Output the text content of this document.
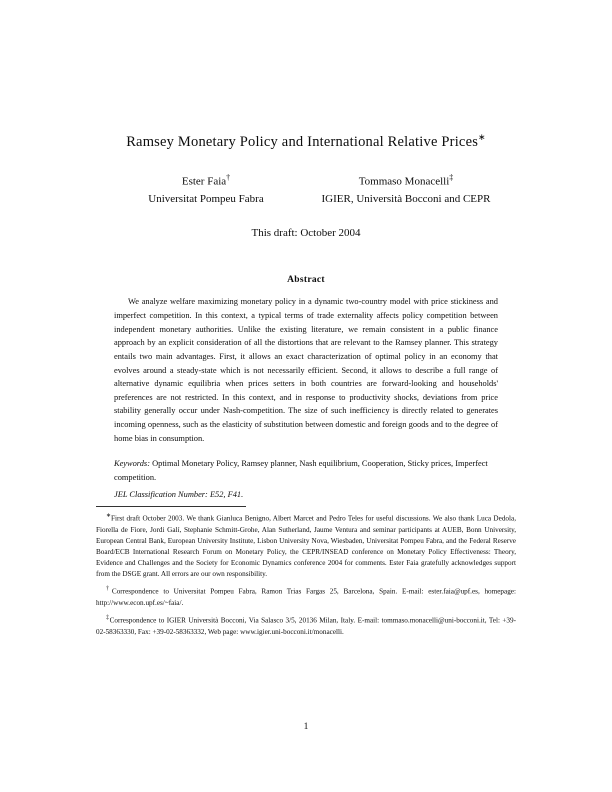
Ramsey Monetary Policy and International Relative Prices∗
Ester Faia†
Universitat Pompeu Fabra
Tommaso Monacelli‡
IGIER, Università Bocconi and CEPR
This draft: October 2004
Abstract
We analyze welfare maximizing monetary policy in a dynamic two-country model with price stickiness and imperfect competition. In this context, a typical terms of trade externality affects policy competition between independent monetary authorities. Unlike the existing literature, we remain consistent in a public finance approach by an explicit consideration of all the distortions that are relevant to the Ramsey planner. This strategy entails two main advantages. First, it allows an exact characterization of optimal policy in an economy that evolves around a steady-state which is not necessarily efficient. Second, it allows to describe a full range of alternative dynamic equilibria when prices setters in both countries are forward-looking and households' preferences are not restricted. In this context, and in response to productivity shocks, deviations from price stability generally occur under Nash-competition. The size of such inefficiency is directly related to generates incoming openness, such as the elasticity of substitution between domestic and foreign goods and to the degree of home bias in consumption.
Keywords: Optimal Monetary Policy, Ramsey planner, Nash equilibrium, Cooperation, Sticky prices, Imperfect competition.
JEL Classification Number: E52, F41.
∗First draft October 2003. We thank Gianluca Benigno, Albert Marcet and Pedro Teles for useful discussions. We also thank Luca Dedola, Fiorella de Fiore, Jordi Galí, Stephanie Schmitt-Grohe, Alan Sutherland, Jaume Ventura and seminar participants at AUEB, Bonn University, European Central Bank, European University Institute, Lisbon University Nova, Wiesbaden, Universitat Pompeu Fabra, and the Federal Reserve Board/ECB International Research Forum on Monetary Policy, the CEPR/INSEAD conference on Monetary Policy Effectiveness: Theory, Evidence and Challenges and the Society for Economic Dynamics conference 2004 for comments. Ester Faia gratefully acknowledges support from the DSGE grant. All errors are our own responsibility.
†Correspondence to Universitat Pompeu Fabra, Ramon Trias Fargas 25, Barcelona, Spain. E-mail: ester.faia@upf.es, homepage: http://www.econ.upf.es/~faia/.
‡Correspondence to IGIER Università Bocconi, Via Salasco 3/5, 20136 Milan, Italy. E-mail: tommaso.monacelli@uni-bocconi.it, Tel: +39-02-58363330, Fax: +39-02-58363332, Web page: www.igier.uni-bocconi.it/monacelli.
1
